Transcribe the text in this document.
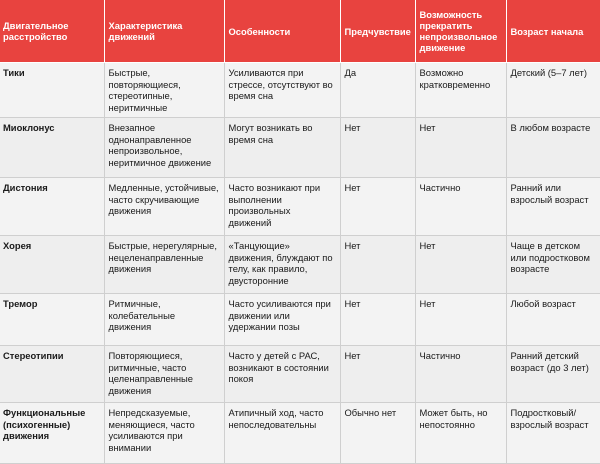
Двигательное расстройство	Характеристика движений	Особенности	Предчувствие	Возможность прекратить непроизвольное движение	Возраст начала
Тики	Быстрые, повторяющиеся, стереотипные, неритмичные	Усиливаются при стрессе, отсутствуют во время сна	Да	Возможно кратковременно	Детский (5–7 лет)
Миоклонус	Внезапное однонаправленное непроизвольное, неритмичное движение	Могут возникать во время сна	Нет	Нет	В любом возрасте
Дистония	Медленные, устойчивые, часто скручивающие движения	Часто возникают при выполнении произвольных движений	Нет	Частично	Ранний или взрослый возраст
Хорея	Быстрые, нерегулярные, нецеленаправленные движения	«Танцующие» движения, блуждают по телу, как правило, двусторонние	Нет	Нет	Чаще в детском или подростковом возрасте
Тремор	Ритмичные, колебательные движения	Часто усиливаются при движении или удержании позы	Нет	Нет	Любой возраст
Стереотипии	Повторяющиеся, ритмичные, часто целенаправленные движения	Часто у детей с РАС, возникают в состоянии покоя	Нет	Частично	Ранний детский возраст (до 3 лет)
Функциональные (психогенные) движения	Непредсказуемые, меняющиеся, часто усиливаются при внимании	Атипичный ход, часто непоследовательны	Обычно нет	Может быть, но непостоянно	Подростковый/взрослый возраст
